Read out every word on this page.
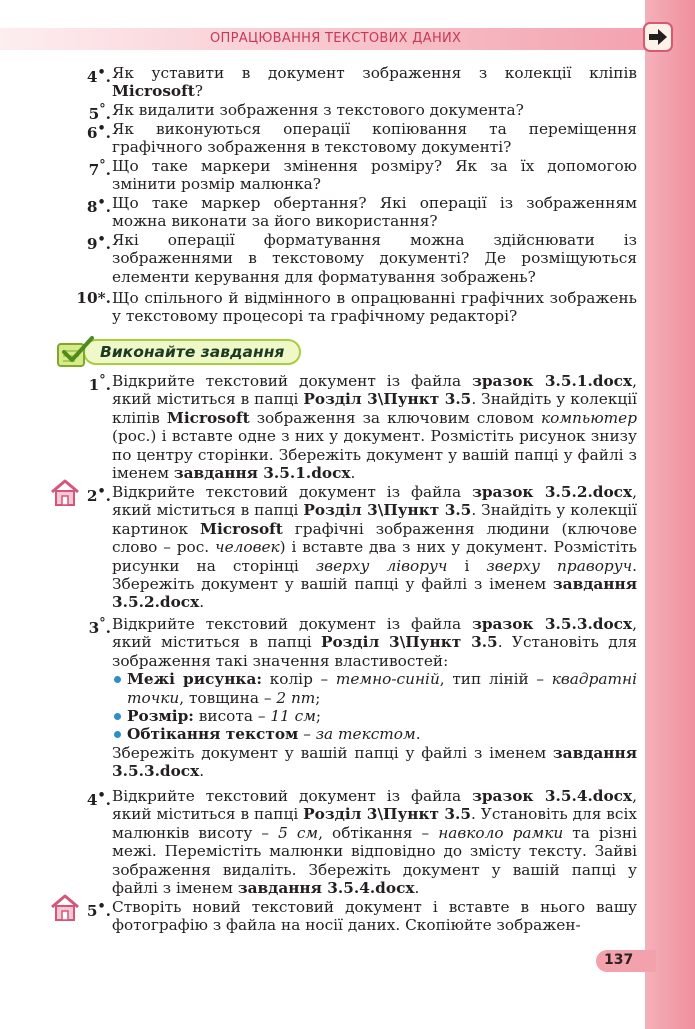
ОПРАЦЮВАННЯ ТЕКСТОВИХ ДАНИХ
4•. Як уставити в документ зображення з колекції кліпів Microsoft?
5°. Як видалити зображення з текстового документа?
6•. Як виконуються операції копіювання та переміщення графічного зображення в текстовому документі?
7°. Що таке маркери змінення розміру? Як за їх допомогою змінити розмір малюнка?
8•. Що таке маркер обертання? Які операції із зображенням можна виконати за його використання?
9•. Які операції форматування можна здійснювати із зображеннями в текстовому документі? Де розміщуються елементи керування для форматування зображень?
10*. Що спільного й відмінного в опрацюванні графічних зображень у текстовому процесорі та графічному редакторі?
Виконайте завдання
1°. Відкрийте текстовий документ із файла зразок 3.5.1.docx, який міститься в папці Розділ 3\Пункт 3.5. Знайдіть у колекції кліпів Microsoft зображення за ключовим словом компьютер (рос.) і вставте одне з них у документ. Розмістіть рисунок знизу по центру сторінки. Збережіть документ у вашій папці у файлі з іменем завдання 3.5.1.docx.
2•. Відкрийте текстовий документ із файла зразок 3.5.2.docx, який міститься в папці Розділ 3\Пункт 3.5. Знайдіть у колекції картинок Microsoft графічні зображення людини (ключове слово – рос. человек) і вставте два з них у документ. Розмістіть рисунки на сторінці зверху ліворуч і зверху праворуч. Збережіть документ у вашій папці у файлі з іменем завдання 3.5.2.docx.
3°. Відкрийте текстовий документ із файла зразок 3.5.3.docx, який міститься в папці Розділ 3\Пункт 3.5. Установіть для зображення такі значення властивостей:
Межі рисунка: колір – темно-синій, тип ліній – квадратні точки, товщина – 2 пт;
Розмір: висота – 11 см;
Обтікання текстом – за текстом.
Збережіть документ у вашій папці у файлі з іменем завдання 3.5.3.docx.
4•. Відкрийте текстовий документ із файла зразок 3.5.4.docx, який міститься в папці Розділ 3\Пункт 3.5. Установіть для всіх малюнків висоту – 5 см, обтікання – навколо рамки та різні межі. Перемістіть малюнки відповідно до змісту тексту. Зайві зображення видаліть. Збережіть документ у вашій папці у файлі з іменем завдання 3.5.4.docx.
5•. Створіть новий текстовий документ і вставте в нього вашу фотографію з файла на носії даних. Скопіюйте зображен-
137
